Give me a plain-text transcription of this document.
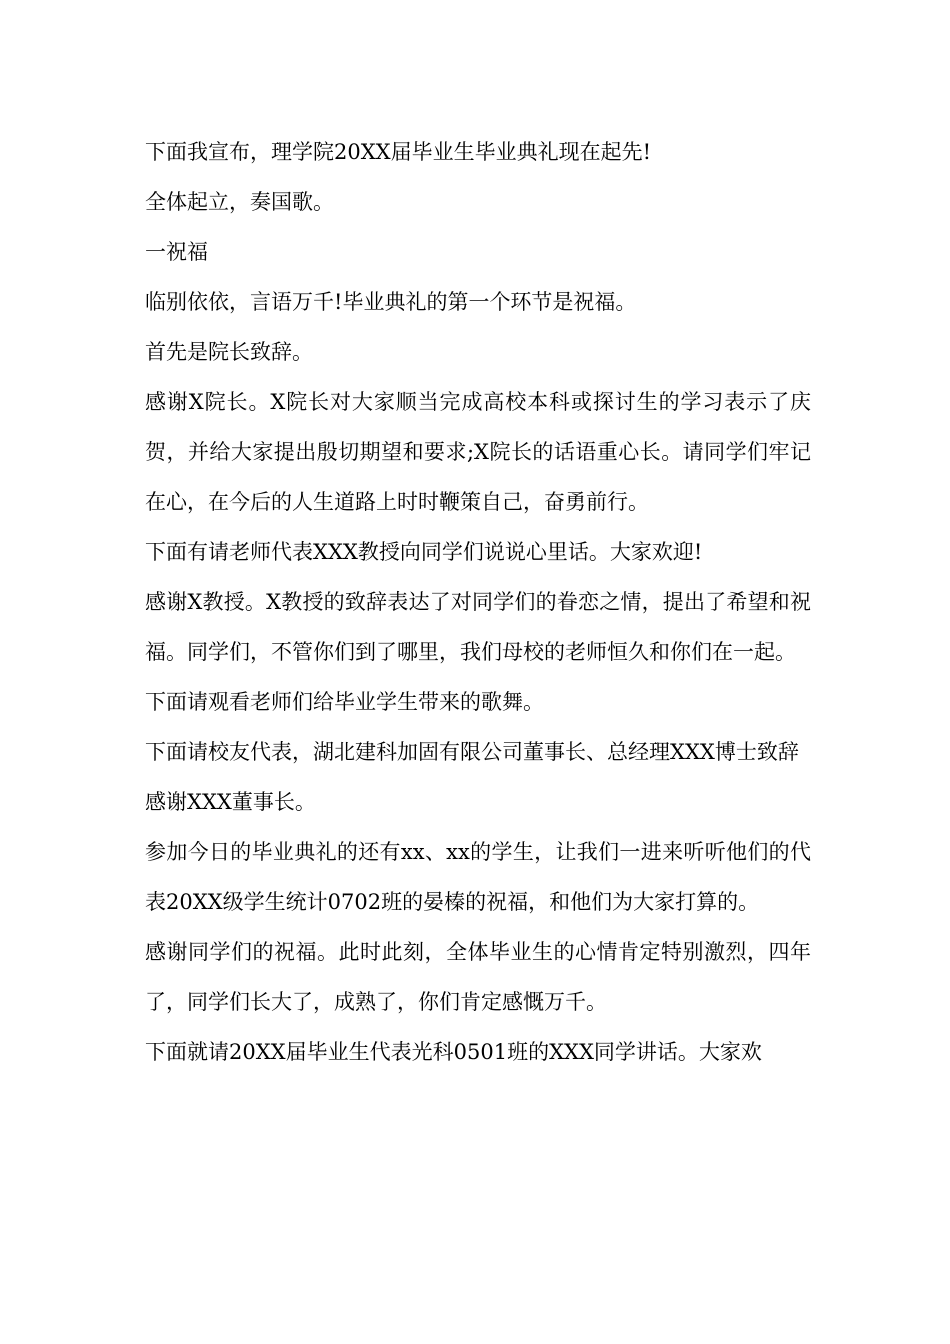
下面我宣布，理学院20XX届毕业生毕业典礼现在起先!

全体起立，奏国歌。

一祝福

临别依依，言语万千!毕业典礼的第一个环节是祝福。

首先是院长致辞。

感谢X院长。X院长对大家顺当完成高校本科或探讨生的学习表示了庆贺，并给大家提出殷切期望和要求;X院长的话语重心长。请同学们牢记在心，在今后的人生道路上时时鞭策自己，奋勇前行。

下面有请老师代表XXX教授向同学们说说心里话。大家欢迎!

感谢X教授。X教授的致辞表达了对同学们的眷恋之情，提出了希望和祝福。同学们，不管你们到了哪里，我们母校的老师恒久和你们在一起。

下面请观看老师们给毕业学生带来的歌舞。

下面请校友代表，湖北建科加固有限公司董事长、总经理XXX博士致辞

感谢XXX董事长。

参加今日的毕业典礼的还有xx、xx的学生，让我们一进来听听他们的代表20XX级学生统计0702班的晏榛的祝福，和他们为大家打算的。

感谢同学们的祝福。此时此刻，全体毕业生的心情肯定特别激烈，四年了，同学们长大了，成熟了，你们肯定感慨万千。

下面就请20XX届毕业生代表光科0501班的XXX同学讲话。大家欢
